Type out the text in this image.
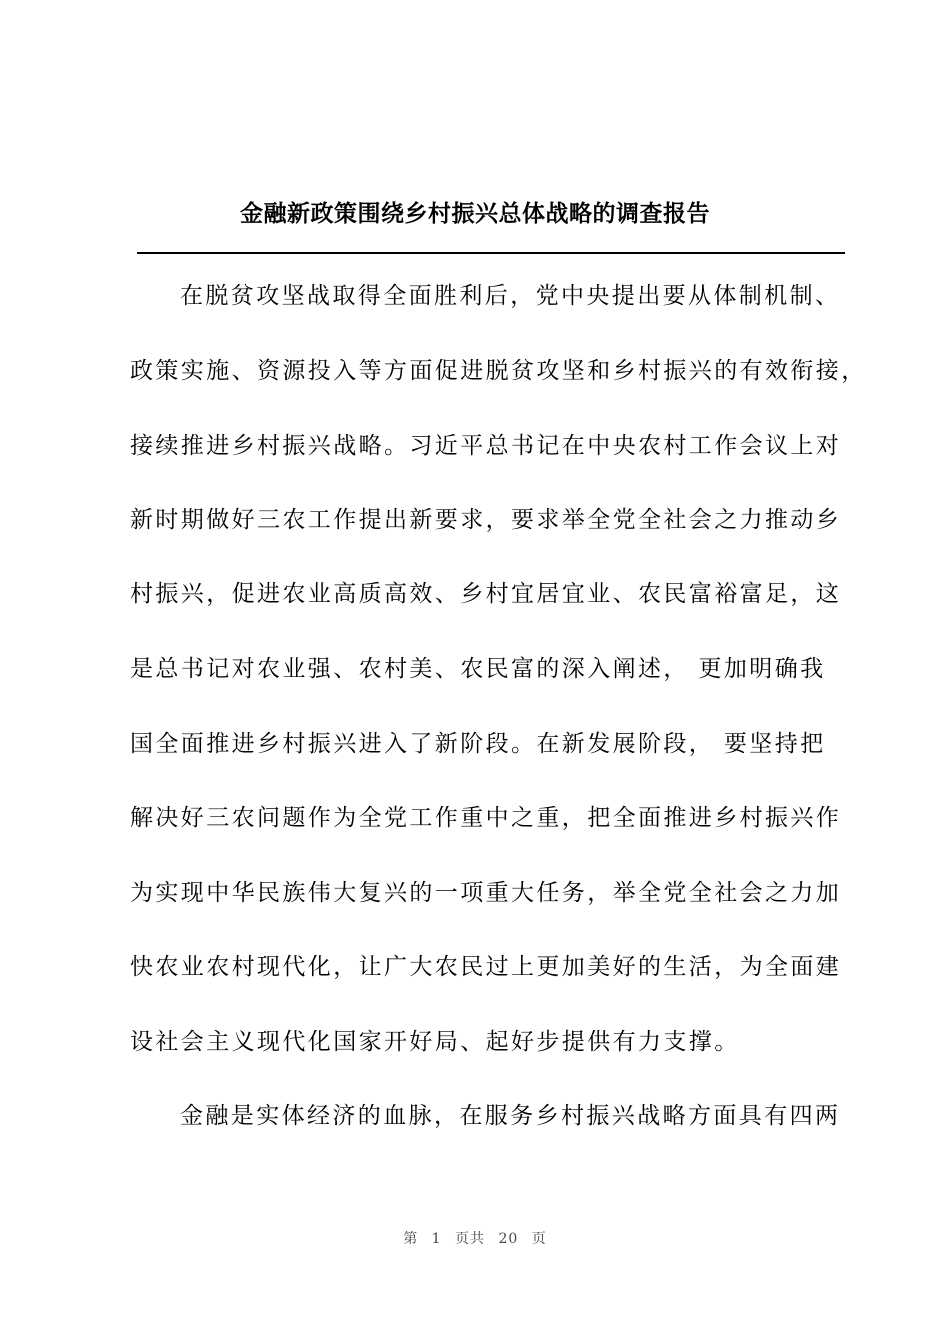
金融新政策围绕乡村振兴总体战略的调查报告
在脱贫攻坚战取得全面胜利后，党中央提出要从体制机制、
政策实施、资源投入等方面促进脱贫攻坚和乡村振兴的有效衔接，
接续推进乡村振兴战略。习近平总书记在中央农村工作会议上对
新时期做好三农工作提出新要求，要求举全党全社会之力推动乡
村振兴，促进农业高质高效、乡村宜居宜业、农民富裕富足，这
是总书记对农业强、农村美、农民富的深入阐述， 更加明确我
国全面推进乡村振兴进入了新阶段。在新发展阶段， 要坚持把
解决好三农问题作为全党工作重中之重，把全面推进乡村振兴作
为实现中华民族伟大复兴的一项重大任务，举全党全社会之力加
快农业农村现代化，让广大农民过上更加美好的生活，为全面建
设社会主义现代化国家开好局、起好步提供有力支撑。
金融是实体经济的血脉，在服务乡村振兴战略方面具有四两
第 1 页共 20 页
